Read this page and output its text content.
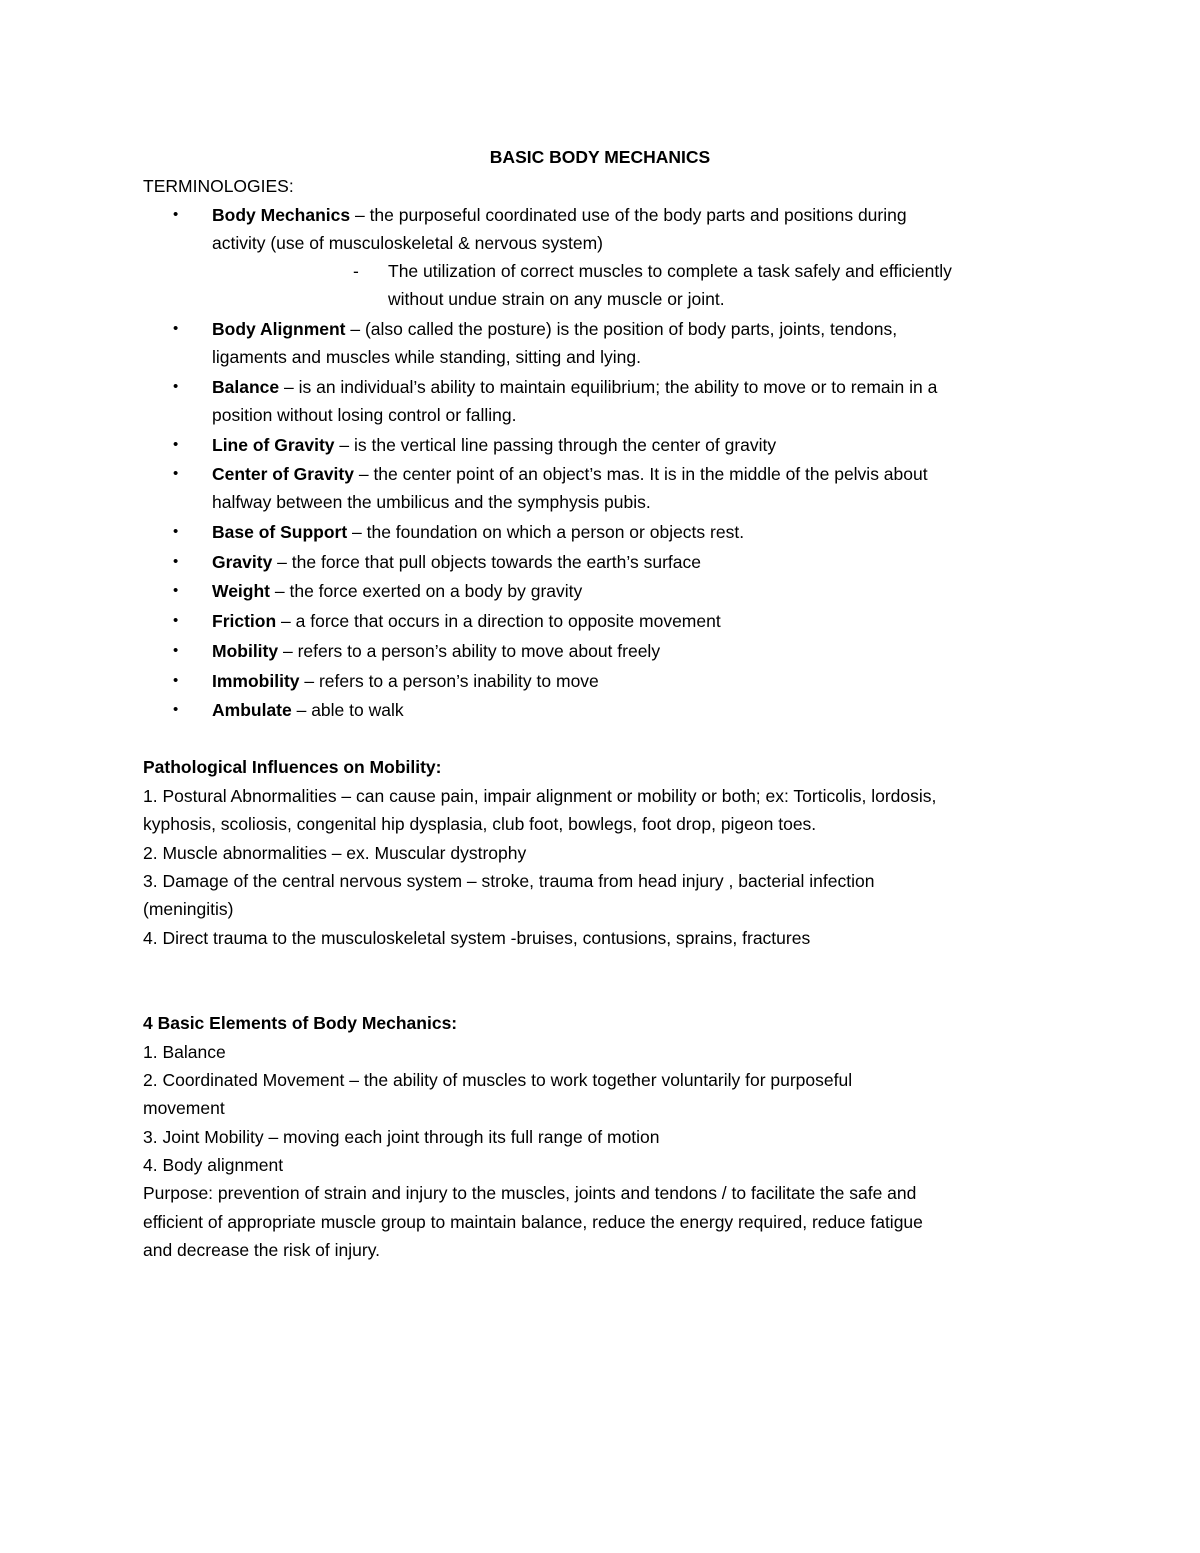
BASIC BODY MECHANICS
TERMINOLOGIES:
• Body Mechanics – the purposeful coordinated use of the body parts and positions during
activity (use of musculoskeletal & nervous system)
- The utilization of correct muscles to complete a task safely and efficiently
without undue strain on any muscle or joint.
• Body Alignment – (also called the posture) is the position of body parts, joints, tendons,
ligaments and muscles while standing, sitting and lying.
• Balance – is an individual’s ability to maintain equilibrium; the ability to move or to remain in a
position without losing control or falling.
• Line of Gravity – is the vertical line passing through the center of gravity
• Center of Gravity – the center point of an object’s mas. It is in the middle of the pelvis about
halfway between the umbilicus and the symphysis pubis.
• Base of Support – the foundation on which a person or objects rest.
• Gravity – the force that pull objects towards the earth’s surface
• Weight – the force exerted on a body by gravity
• Friction – a force that occurs in a direction to opposite movement
• Mobility – refers to a person’s ability to move about freely
• Immobility – refers to a person’s inability to move
• Ambulate – able to walk
Pathological Influences on Mobility:
1. Postural Abnormalities – can cause pain, impair alignment or mobility or both; ex: Torticolis, lordosis,
kyphosis, scoliosis, congenital hip dysplasia, club foot, bowlegs, foot drop, pigeon toes.
2. Muscle abnormalities – ex. Muscular dystrophy
3. Damage of the central nervous system – stroke, trauma from head injury , bacterial infection
(meningitis)
4. Direct trauma to the musculoskeletal system -bruises, contusions, sprains, fractures
4 Basic Elements of Body Mechanics:
1. Balance
2. Coordinated Movement – the ability of muscles to work together voluntarily for purposeful
movement
3. Joint Mobility – moving each joint through its full range of motion
4. Body alignment
Purpose: prevention of strain and injury to the muscles, joints and tendons / to facilitate the safe and
efficient of appropriate muscle group to maintain balance, reduce the energy required, reduce fatigue
and decrease the risk of injury.
